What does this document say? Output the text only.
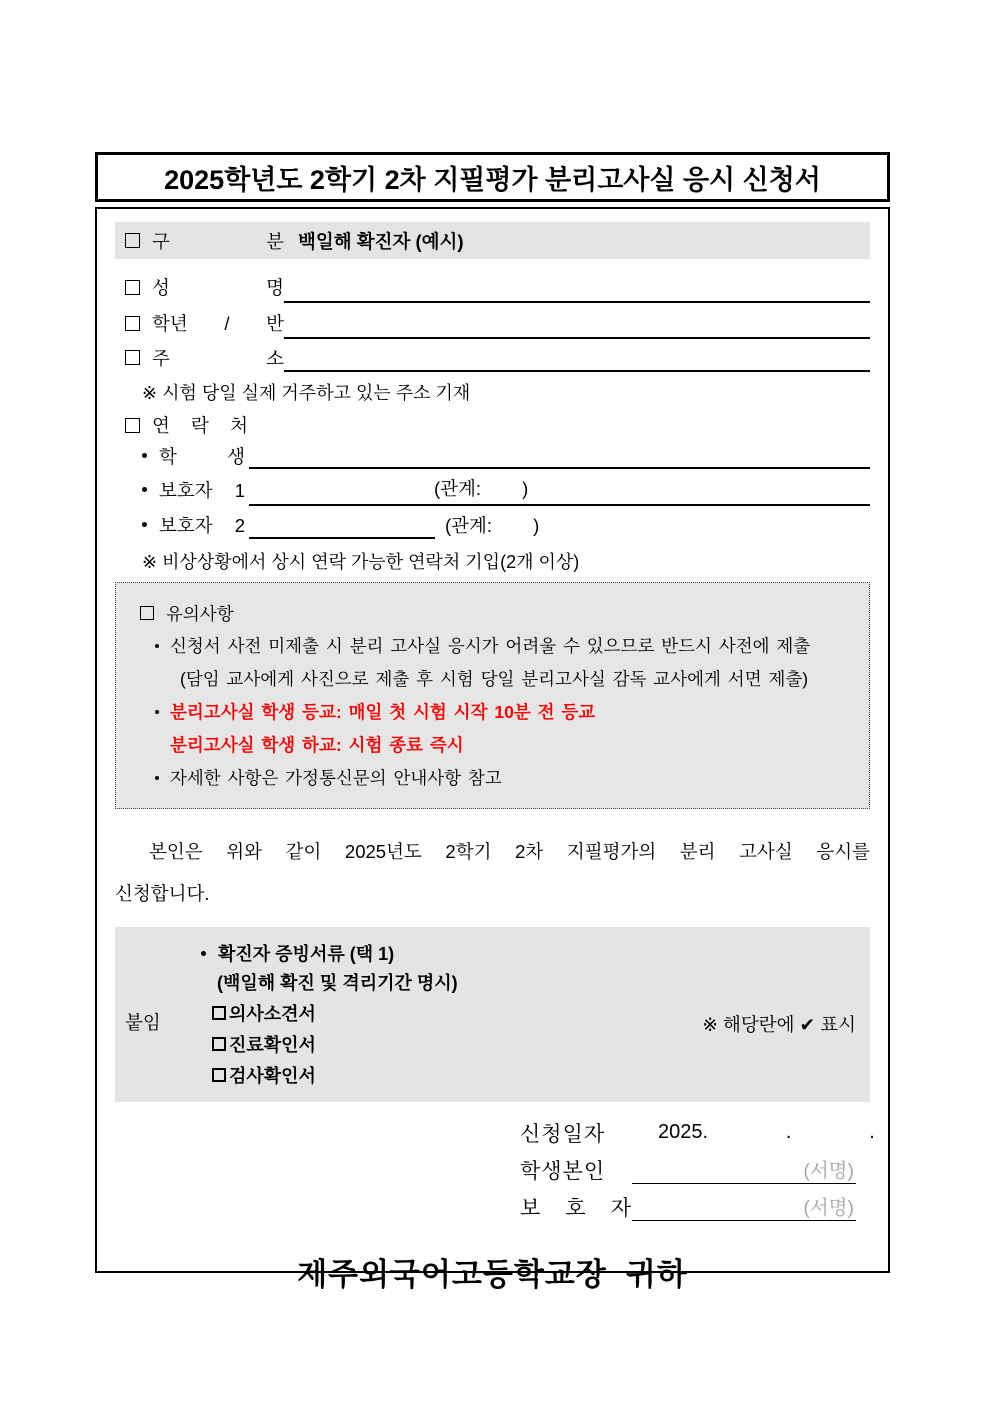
2025학년도 2학기 2차 지필평가 분리고사실 응시 신청서
구 분 백일해 확진자 (예시)
성 명
학년 / 반
주 소
※ 시험 당일 실제 거주하고 있는 주소 기재
연 락 처
학 생
보호자 1	(관계:        )
보호자 2	(관계:        )
※ 비상상황에서 상시 연락 가능한 연락처 기입(2개 이상)
유의사항
신청서 사전 미제출 시 분리 고사실 응시가 어려울 수 있으므로 반드시 사전에 제출
(담임 교사에게 사진으로 제출 후 시험 당일 분리고사실 감독 교사에게 서면 제출)
분리고사실 학생 등교: 매일 첫 시험 시작 10분 전 등교
분리고사실 학생 하교: 시험 종료 즉시
자세한 사항은 가정통신문의 안내사항 참고
본인은 위와 같이 2025년도 2학기 2차 지필평가의 분리 고사실 응시를
신청합니다.
확진자 증빙서류 (택 1)
(백일해 확진 및 격리기간 명시)
의사소견서
진료확인서
검사확인서
붙임	※ 해당란에 ✔ 표시
신청일자	2025.              .              .
학생본인	(서명)
보 호 자	(서명)
제주외국어고등학교장  귀하
